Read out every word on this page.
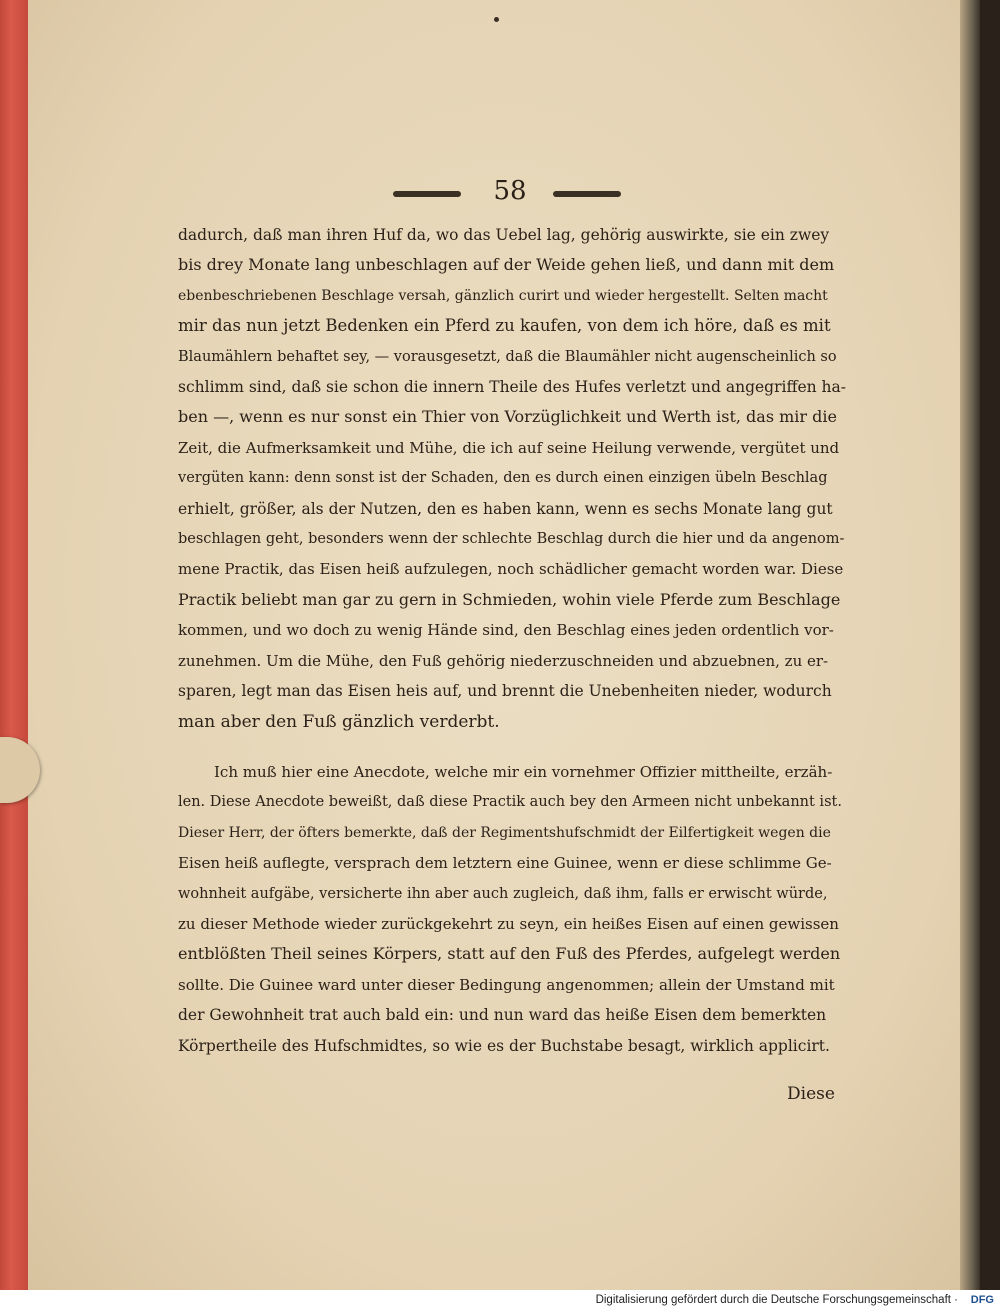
58
dadurch, daß man ihren Huf da, wo das Uebel lag, gehörig auswirkte, sie ein zwey
bis drey Monate lang unbeschlagen auf der Weide gehen ließ, und dann mit dem
ebenbeschriebenen Beschlage versah, gänzlich curirt und wieder hergestellt. Selten macht
mir das nun jetzt Bedenken ein Pferd zu kaufen, von dem ich höre, daß es mit
Blaumählern behaftet sey, — vorausgesetzt, daß die Blaumähler nicht augenscheinlich so
schlimm sind, daß sie schon die innern Theile des Hufes verletzt und angegriffen ha-
ben —, wenn es nur sonst ein Thier von Vorzüglichkeit und Werth ist, das mir die
Zeit, die Aufmerksamkeit und Mühe, die ich auf seine Heilung verwende, vergütet und
vergüten kann: denn sonst ist der Schaden, den es durch einen einzigen übeln Beschlag
erhielt, größer, als der Nutzen, den es haben kann, wenn es sechs Monate lang gut
beschlagen geht, besonders wenn der schlechte Beschlag durch die hier und da angenom-
mene Practik, das Eisen heiß aufzulegen, noch schädlicher gemacht worden war. Diese
Practik beliebt man gar zu gern in Schmieden, wohin viele Pferde zum Beschlage
kommen, und wo doch zu wenig Hände sind, den Beschlag eines jeden ordentlich vor-
zunehmen. Um die Mühe, den Fuß gehörig niederzuschneiden und abzuebnen, zu er-
sparen, legt man das Eisen heis auf, und brennt die Unebenheiten nieder, wodurch
man aber den Fuß gänzlich verderbt.
Ich muß hier eine Anecdote, welche mir ein vornehmer Offizier mittheilte, erzäh-
len. Diese Anecdote beweißt, daß diese Practik auch bey den Armeen nicht unbekannt ist.
Dieser Herr, der öfters bemerkte, daß der Regimentshufschmidt der Eilfertigkeit wegen die
Eisen heiß auflegte, versprach dem letztern eine Guinee, wenn er diese schlimme Ge-
wohnheit aufgäbe, versicherte ihn aber auch zugleich, daß ihm, falls er erwischt würde,
zu dieser Methode wieder zurückgekehrt zu seyn, ein heißes Eisen auf einen gewissen
entblößten Theil seines Körpers, statt auf den Fuß des Pferdes, aufgelegt werden
sollte. Die Guinee ward unter dieser Bedingung angenommen; allein der Umstand mit
der Gewohnheit trat auch bald ein: und nun ward das heiße Eisen dem bemerkten
Körpertheile des Hufschmidtes, so wie es der Buchstabe besagt, wirklich applicirt.
Diese
Digitalisierung gefördert durch die Deutsche Forschungsgemeinschaft · DFG
